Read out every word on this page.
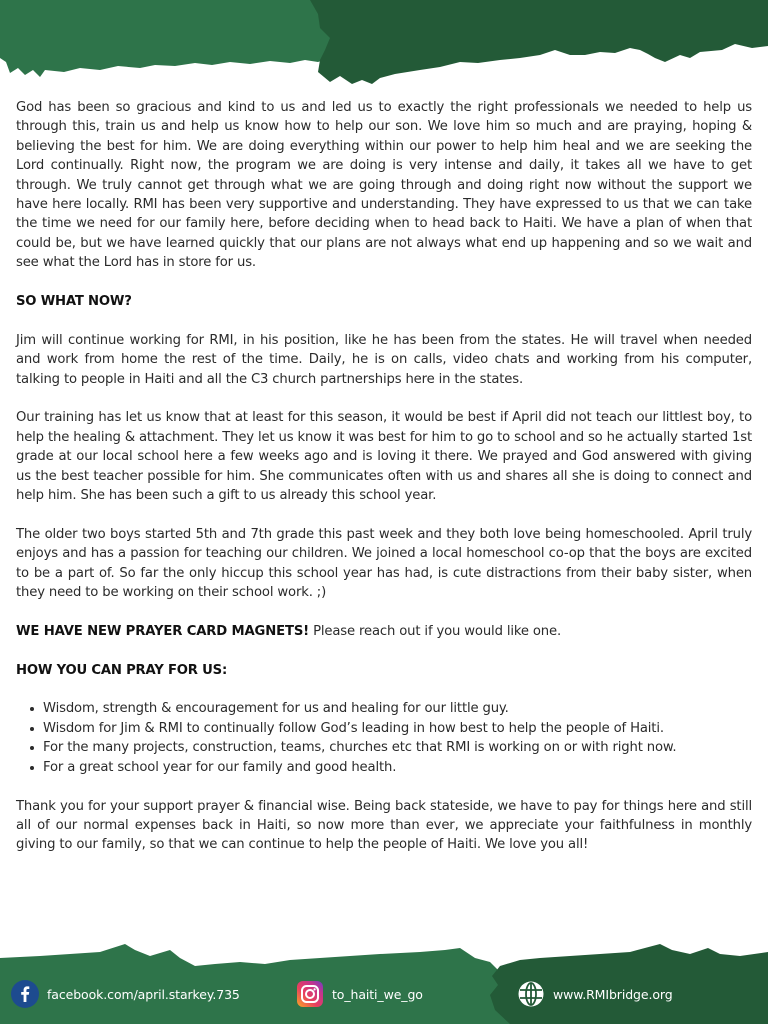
God has been so gracious and kind to us and led us to exactly the right professionals we needed to help us through this, train us and help us know how to help our son. We love him so much and are praying, hoping & believing the best for him. We are doing everything within our power to help him heal and we are seeking the Lord continually. Right now, the program we are doing is very intense and daily, it takes all we have to get through. We truly cannot get through what we are going through and doing right now without the support we have here locally. RMI has been very supportive and understanding. They have expressed to us that we can take the time we need for our family here, before deciding when to head back to Haiti. We have a plan of when that could be, but we have learned quickly that our plans are not always what end up happening and so we wait and see what the Lord has in store for us.

SO WHAT NOW?

Jim will continue working for RMI, in his position, like he has been from the states. He will travel when needed and work from home the rest of the time. Daily, he is on calls, video chats and working from his computer, talking to people in Haiti and all the C3 church partnerships here in the states.

Our training has let us know that at least for this season, it would be best if April did not teach our littlest boy, to help the healing & attachment. They let us know it was best for him to go to school and so he actually started 1st grade at our local school here a few weeks ago and is loving it there. We prayed and God answered with giving us the best teacher possible for him. She communicates often with us and shares all she is doing to connect and help him. She has been such a gift to us already this school year.

The older two boys started 5th and 7th grade this past week and they both love being homeschooled. April truly enjoys and has a passion for teaching our children. We joined a local homeschool co-op that the boys are excited to be a part of. So far the only hiccup this school year has had, is cute distractions from their baby sister, when they need to be working on their school work. ;)

WE HAVE NEW PRAYER CARD MAGNETS! Please reach out if you would like one.

HOW YOU CAN PRAY FOR US:
Wisdom, strength & encouragement for us and healing for our little guy.
Wisdom for Jim & RMI to continually follow God’s leading in how best to help the people of Haiti.
For the many projects, construction, teams, churches etc that RMI is working on or with right now.
For a great school year for our family and good health.

Thank you for your support prayer & financial wise. Being back stateside, we have to pay for things here and still all of our normal expenses back in Haiti, so now more than ever, we appreciate your faithfulness in monthly giving to our family, so that we can continue to help the people of Haiti. We love you all!

facebook.com/april.starkey.735	to_haiti_we_go	www.RMIbridge.org
